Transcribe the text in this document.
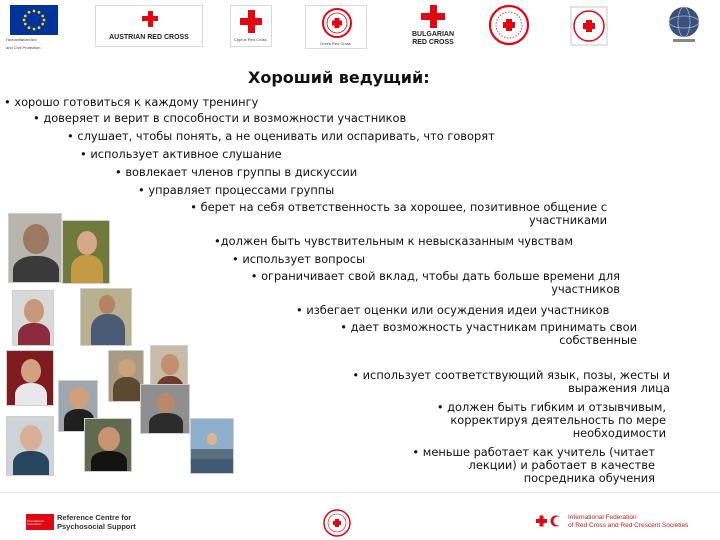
Humanitarian Aid
and Civil Protection
AUSTRIAN RED CROSS	Cyprus Red Cross
Greek Red Cross
BULGARIAN
RED CROSS
Хороший ведущий:
• хорошо готовиться к каждому тренингу
• доверяет и верит в способности и возможности участников
• слушает, чтобы понять, а не оценивать или оспаривать, что говорят
• использует активное слушание
• вовлекает членов группы в дискуссии
• управляет процессами группы
• берет на себя ответственность за хорошее, позитивное общение с участниками
•должен быть чувствительным к невысказанным чувствам
• использует вопросы
• ограничивает свой вклад, чтобы дать больше времени для участников
• избегает оценки или осуждения идеи участников
• дает возможность участникам принимать свои собственные
• использует соответствующий язык, позы, жесты и выражения лица
• должен быть гибким и отзывчивым, корректируя деятельность по мере необходимости
• меньше работает как учитель (читает лекции) и работает в качестве посредника обучения
International Federation
Reference Centre for
Psychosocial Support
International Federation
of Red Cross and Red Crescent Societies
